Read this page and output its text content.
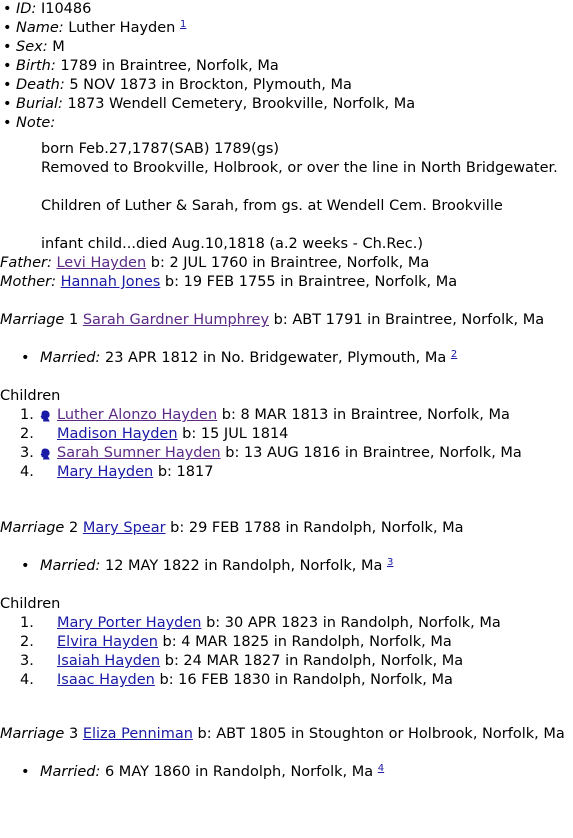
• ID: I10486
• Name: Luther Hayden $^1$
• Sex: M
• Birth: 1789 in Braintree, Norfolk, Ma
• Death: 5 NOV 1873 in Brockton, Plymouth, Ma
• Burial: 1873 Wendell Cemetery, Brookville, Norfolk, Ma
• Note:
born Feb.27,1787(SAB) 1789(gs)
Removed to Brookville, Holbrook, or over the line in North Bridgewater.
Children of Luther & Sarah, from gs. at Wendell Cem. Brookville
infant child...died Aug.10,1818 (a.2 weeks - Ch.Rec.)
Father: Levi Hayden b: 2 JUL 1760 in Braintree, Norfolk, Ma
Mother: Hannah Jones b: 19 FEB 1755 in Braintree, Norfolk, Ma
Marriage 1 Sarah Gardner Humphrey b: ABT 1791 in Braintree, Norfolk, Ma
• Married: 23 APR 1812 in No. Bridgewater, Plymouth, Ma $^2$
Children
1. Luther Alonzo Hayden b: 8 MAR 1813 in Braintree, Norfolk, Ma
2. Madison Hayden b: 15 JUL 1814
3. Sarah Sumner Hayden b: 13 AUG 1816 in Braintree, Norfolk, Ma
4. Mary Hayden b: 1817
Marriage 2 Mary Spear b: 29 FEB 1788 in Randolph, Norfolk, Ma
• Married: 12 MAY 1822 in Randolph, Norfolk, Ma $^3$
Children
1. Mary Porter Hayden b: 30 APR 1823 in Randolph, Norfolk, Ma
2. Elvira Hayden b: 4 MAR 1825 in Randolph, Norfolk, Ma
3. Isaiah Hayden b: 24 MAR 1827 in Randolph, Norfolk, Ma
4. Isaac Hayden b: 16 FEB 1830 in Randolph, Norfolk, Ma
Marriage 3 Eliza Penniman b: ABT 1805 in Stoughton or Holbrook, Norfolk, Ma
• Married: 6 MAY 1860 in Randolph, Norfolk, Ma $^4$
